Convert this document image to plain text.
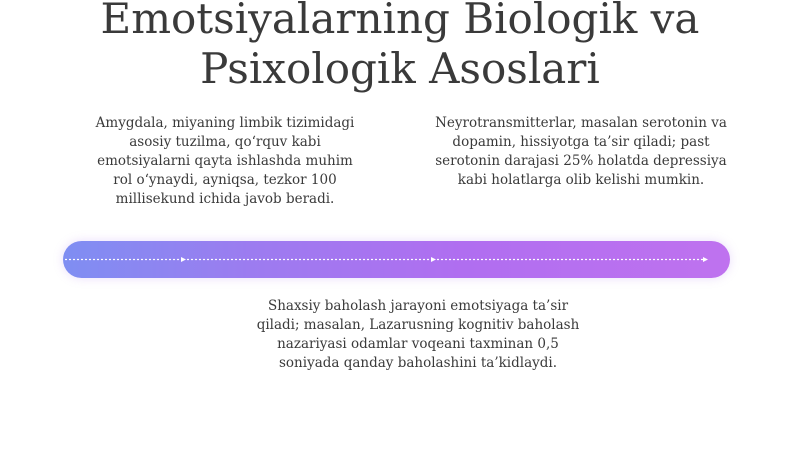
Emotsiyalarning Biologik va
Psixologik Asoslari
Amygdala, miyaning limbik tizimidagi
asosiy tuzilma, qo‘rquv kabi
emotsiyalarni qayta ishlashda muhim
rol o‘ynaydi, ayniqsa, tezkor 100
millisekund ichida javob beradi.
Neyrotransmitterlar, masalan serotonin va
dopamin, hissiyotga ta’sir qiladi; past
serotonin darajasi 25% holatda depressiya
kabi holatlarga olib kelishi mumkin.
Shaxsiy baholash jarayoni emotsiyaga ta’sir
qiladi; masalan, Lazarusning kognitiv baholash
nazariyasi odamlar voqeani taxminan 0,5
soniyada qanday baholashini ta’kidlaydi.
